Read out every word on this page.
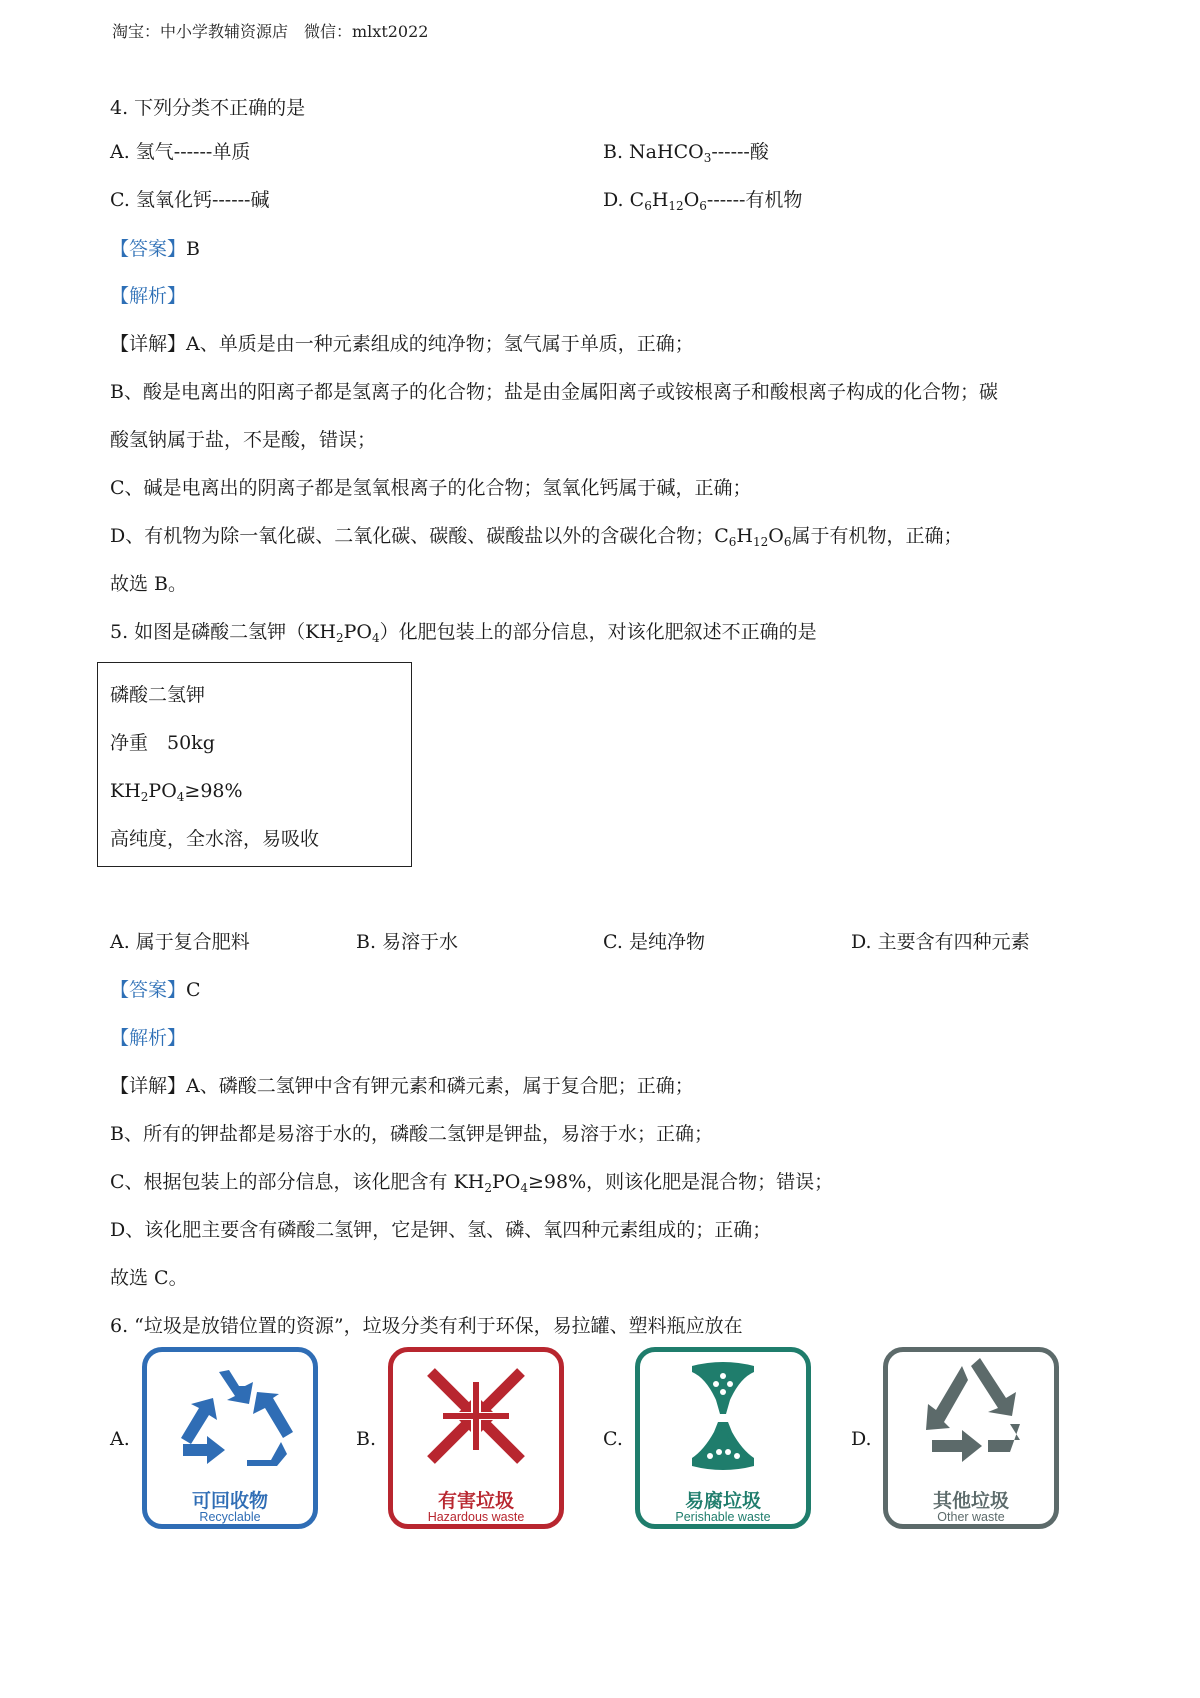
淘宝：中小学教辅资源店　微信：mlxt2022
4. 下列分类不正确的是
A. 氢气------单质	B. NaHCO$_3$------酸
C. 氢氧化钙------碱	D. $C_6H_{12}O_6------$有机物
【答案】B
【解析】
【详解】A、单质是由一种元素组成的纯净物；氢气属于单质，正确；
B、酸是电离出的阳离子都是氢离子的化合物；盐是由金属阳离子或铵根离子和酸根离子构成的化合物；碳
酸氢钠属于盐，不是酸，错误；
C、碱是电离出的阴离子都是氢氧根离子的化合物；氢氧化钙属于碱，正确；
D、有机物为除一氧化碳、二氧化碳、碳酸、碳酸盐以外的含碳化合物；$C_6H_{12}O_6$属于有机物，正确；
故选 B。
5. 如图是磷酸二氢钾$(KH_2PO_4)$化肥包装上的部分信息，对该化肥叙述不正确的是
磷酸二氢钾
净重　50kg
$KH_2PO_4\ge 98\%$
高纯度，全水溶，易吸收
A. 属于复合肥料	B. 易溶于水	C. 是纯净物	D. 主要含有四种元素
【答案】C
【解析】
【详解】A、磷酸二氢钾中含有钾元素和磷元素，属于复合肥；正确；
B、所有的钾盐都是易溶于水的，磷酸二氢钾是钾盐，易溶于水；正确；
C、根据包装上的部分信息，该化肥含有 $KH_2PO_4\ge 98\%$，则该化肥是混合物；错误；
D、该化肥主要含有磷酸二氢钾，它是钾、氢、磷、氧四种元素组成的；正确；
故选 C。
6. “垃圾是放错位置的资源”，垃圾分类有利于环保，易拉罐、塑料瓶应放在
A.
可回收物
Recyclable
B.
有害垃圾
Hazardous waste
C.
易腐垃圾
Perishable waste
D.
其他垃圾
Other waste
